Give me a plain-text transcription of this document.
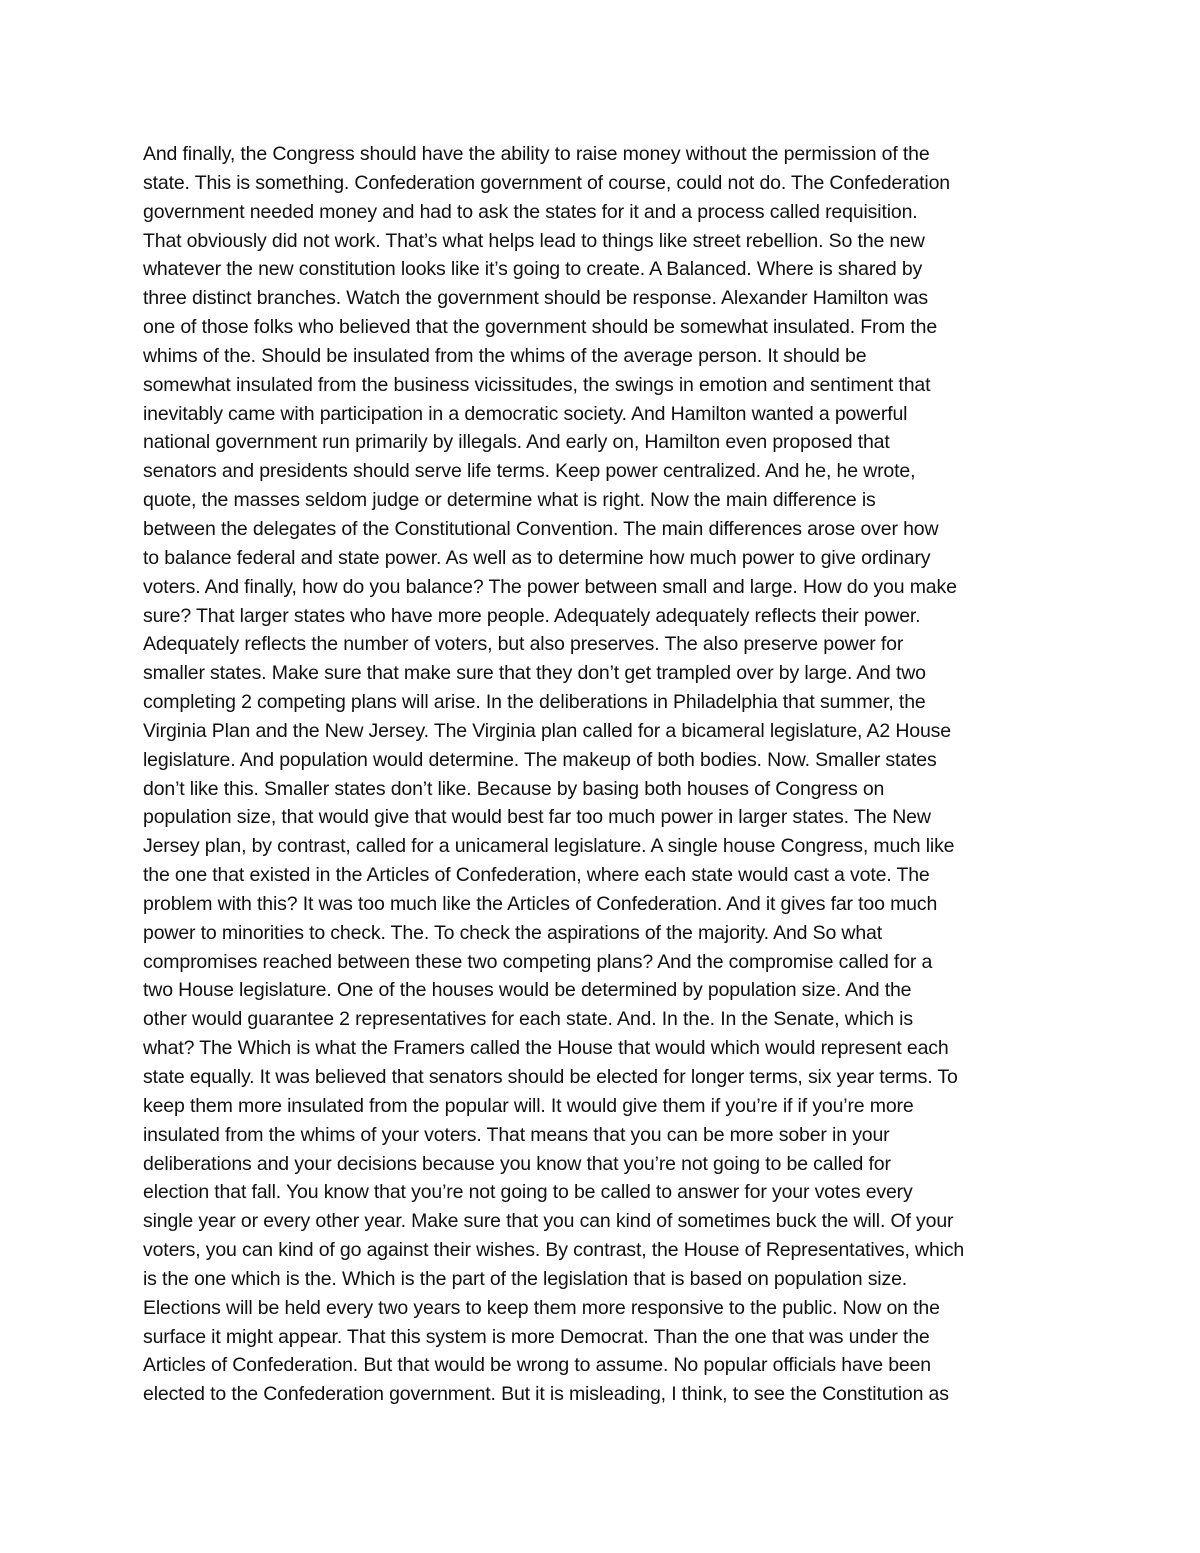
And finally, the Congress should have the ability to raise money without the permission of the
state. This is something. Confederation government of course, could not do. The Confederation
government needed money and had to ask the states for it and a process called requisition.
That obviously did not work. That’s what helps lead to things like street rebellion. So the new
whatever the new constitution looks like it’s going to create. A Balanced. Where is shared by
three distinct branches. Watch the government should be response. Alexander Hamilton was
one of those folks who believed that the government should be somewhat insulated. From the
whims of the. Should be insulated from the whims of the average person. It should be
somewhat insulated from the business vicissitudes, the swings in emotion and sentiment that
inevitably came with participation in a democratic society. And Hamilton wanted a powerful
national government run primarily by illegals. And early on, Hamilton even proposed that
senators and presidents should serve life terms. Keep power centralized. And he, he wrote,
quote, the masses seldom judge or determine what is right. Now the main difference is
between the delegates of the Constitutional Convention. The main differences arose over how
to balance federal and state power. As well as to determine how much power to give ordinary
voters. And finally, how do you balance? The power between small and large. How do you make
sure? That larger states who have more people. Adequately adequately reflects their power.
Adequately reflects the number of voters, but also preserves. The also preserve power for
smaller states. Make sure that make sure that they don’t get trampled over by large. And two
completing 2 competing plans will arise. In the deliberations in Philadelphia that summer, the
Virginia Plan and the New Jersey. The Virginia plan called for a bicameral legislature, A2 House
legislature. And population would determine. The makeup of both bodies. Now. Smaller states
don’t like this. Smaller states don’t like. Because by basing both houses of Congress on
population size, that would give that would best far too much power in larger states. The New
Jersey plan, by contrast, called for a unicameral legislature. A single house Congress, much like
the one that existed in the Articles of Confederation, where each state would cast a vote. The
problem with this? It was too much like the Articles of Confederation. And it gives far too much
power to minorities to check. The. To check the aspirations of the majority. And So what
compromises reached between these two competing plans? And the compromise called for a
two House legislature. One of the houses would be determined by population size. And the
other would guarantee 2 representatives for each state. And. In the. In the Senate, which is
what? The Which is what the Framers called the House that would which would represent each
state equally. It was believed that senators should be elected for longer terms, six year terms. To
keep them more insulated from the popular will. It would give them if you’re if if you’re more
insulated from the whims of your voters. That means that you can be more sober in your
deliberations and your decisions because you know that you’re not going to be called for
election that fall. You know that you’re not going to be called to answer for your votes every
single year or every other year. Make sure that you can kind of sometimes buck the will. Of your
voters, you can kind of go against their wishes. By contrast, the House of Representatives, which
is the one which is the. Which is the part of the legislation that is based on population size.
Elections will be held every two years to keep them more responsive to the public. Now on the
surface it might appear. That this system is more Democrat. Than the one that was under the
Articles of Confederation. But that would be wrong to assume. No popular officials have been
elected to the Confederation government. But it is misleading, I think, to see the Constitution as
